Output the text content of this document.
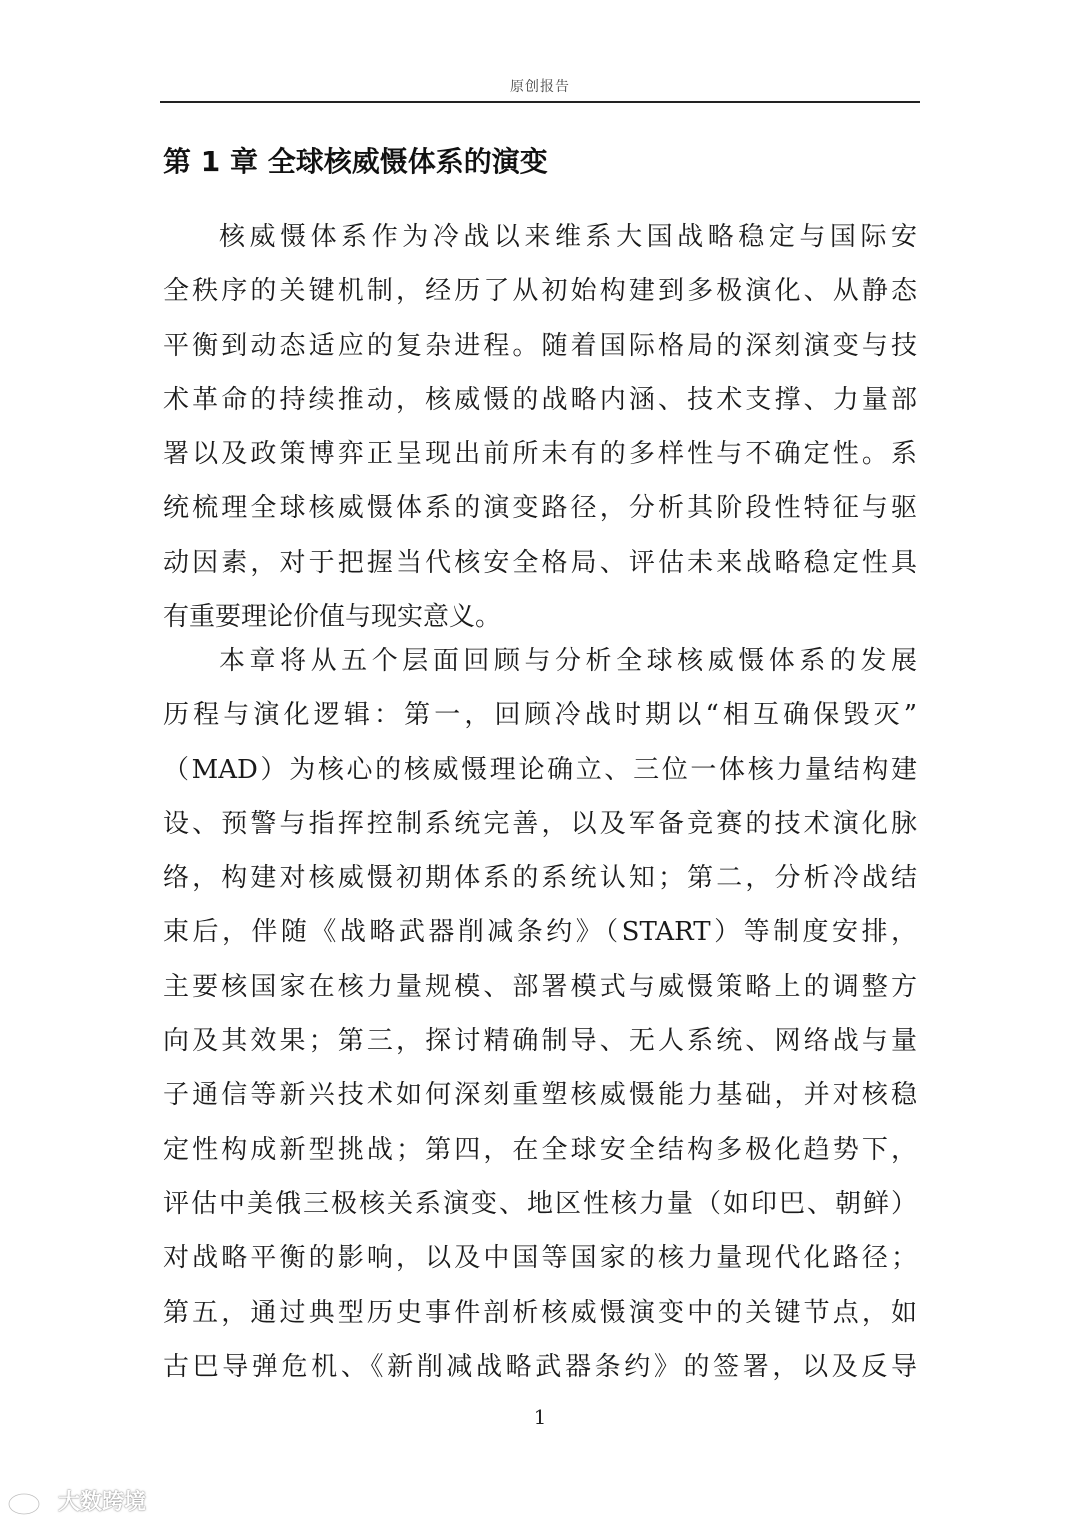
原创报告
第 1 章 全球核威慑体系的演变
核威慑体系作为冷战以来维系大国战略稳定与国际安
全秩序的关键机制，经历了从初始构建到多极演化、从静态
平衡到动态适应的复杂进程。随着国际格局的深刻演变与技
术革命的持续推动，核威慑的战略内涵、技术支撑、力量部
署以及政策博弈正呈现出前所未有的多样性与不确定性。系
统梳理全球核威慑体系的演变路径，分析其阶段性特征与驱
动因素，对于把握当代核安全格局、评估未来战略稳定性具
有重要理论价值与现实意义。
本章将从五个层面回顾与分析全球核威慑体系的发展
历程与演化逻辑：第一，回顾冷战时期以“相互确保毁灭”
（MAD）为核心的核威慑理论确立、三位一体核力量结构建
设、预警与指挥控制系统完善，以及军备竞赛的技术演化脉
络，构建对核威慑初期体系的系统认知；第二，分析冷战结
束后，伴随《战略武器削减条约》（START）等制度安排，
主要核国家在核力量规模、部署模式与威慑策略上的调整方
向及其效果；第三，探讨精确制导、无人系统、网络战与量
子通信等新兴技术如何深刻重塑核威慑能力基础，并对核稳
定性构成新型挑战；第四，在全球安全结构多极化趋势下，
评估中美俄三极核关系演变、地区性核力量（如印巴、朝鲜）
对战略平衡的影响，以及中国等国家的核力量现代化路径；
第五，通过典型历史事件剖析核威慑演变中的关键节点，如
古巴导弹危机、《新削减战略武器条约》的签署，以及反导
1
大数跨境
